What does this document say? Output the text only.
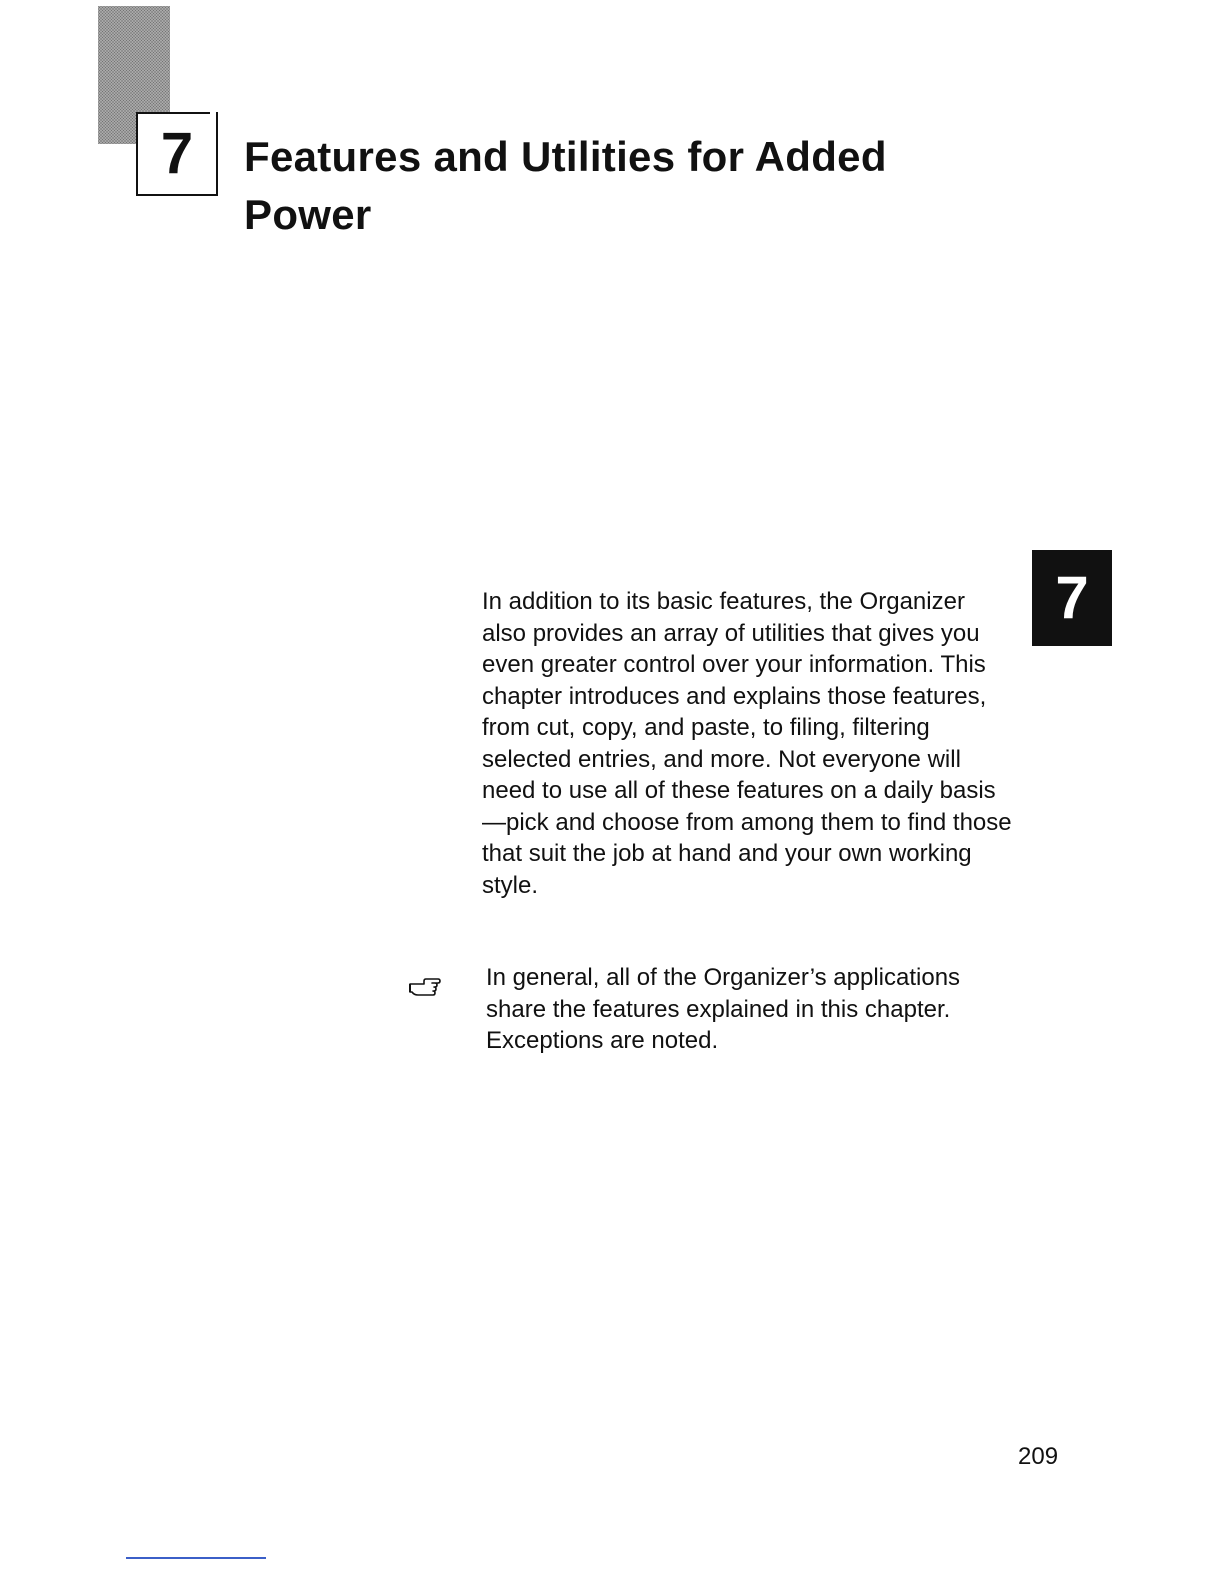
7 Features and Utilities for Added Power
7

In addition to its basic features, the Organizer also provides an array of utilities that gives you even greater control over your information. This chapter introduces and explains those features, from cut, copy, and paste, to filing, filtering selected entries, and more. Not everyone will need to use all of these features on a daily basis—pick and choose from among them to find those that suit the job at hand and your own working style.

In general, all of the Organizer’s applications share the features explained in this chapter. Exceptions are noted.

209
